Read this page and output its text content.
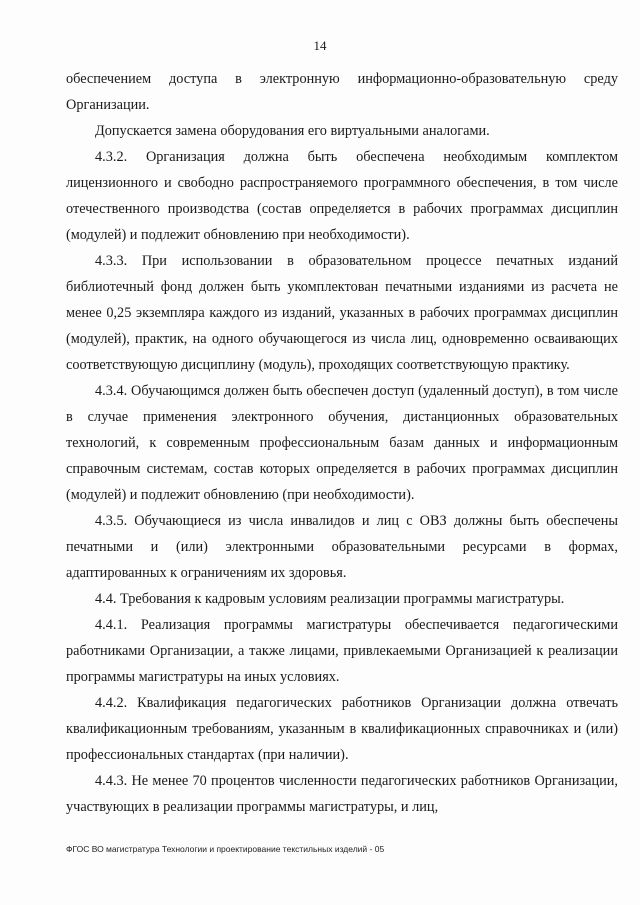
14

обеспечением доступа в электронную информационно-образовательную среду Организации.

Допускается замена оборудования его виртуальными аналогами.

4.3.2. Организация должна быть обеспечена необходимым комплектом лицензионного и свободно распространяемого программного обеспечения, в том числе отечественного производства (состав определяется в рабочих программах дисциплин (модулей) и подлежит обновлению при необходимости).

4.3.3. При использовании в образовательном процессе печатных изданий библиотечный фонд должен быть укомплектован печатными изданиями из расчета не менее 0,25 экземпляра каждого из изданий, указанных в рабочих программах дисциплин (модулей), практик, на одного обучающегося из числа лиц, одновременно осваивающих соответствующую дисциплину (модуль), проходящих соответствующую практику.

4.3.4. Обучающимся должен быть обеспечен доступ (удаленный доступ), в том числе в случае применения электронного обучения, дистанционных образовательных технологий, к современным профессиональным базам данных и информационным справочным системам, состав которых определяется в рабочих программах дисциплин (модулей) и подлежит обновлению (при необходимости).

4.3.5. Обучающиеся из числа инвалидов и лиц с ОВЗ должны быть обеспечены печатными и (или) электронными образовательными ресурсами в формах, адаптированных к ограничениям их здоровья.

4.4. Требования к кадровым условиям реализации программы магистратуры.

4.4.1. Реализация программы магистратуры обеспечивается педагогическими работниками Организации, а также лицами, привлекаемыми Организацией к реализации программы магистратуры на иных условиях.

4.4.2. Квалификация педагогических работников Организации должна отвечать квалификационным требованиям, указанным в квалификационных справочниках и (или) профессиональных стандартах (при наличии).

4.4.3. Не менее 70 процентов численности педагогических работников Организации, участвующих в реализации программы магистратуры, и лиц,

ФГОС ВО магистратура Технологии и проектирование текстильных изделий - 05
